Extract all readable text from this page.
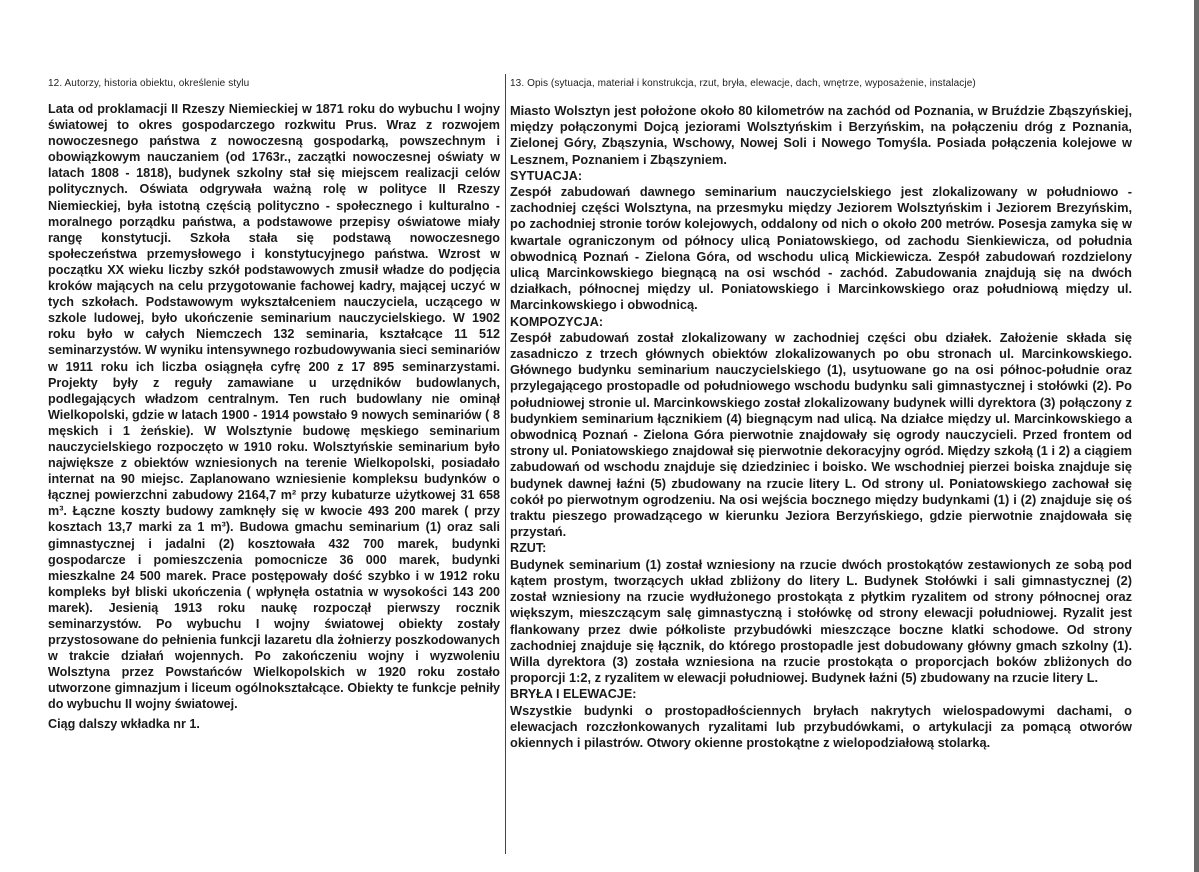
12. Autorzy, historia obiektu, określenie stylu

Lata od proklamacji II Rzeszy Niemieckiej w 1871 roku do wybuchu I wojny światowej to okres gospodarczego rozkwitu Prus. Wraz z rozwojem nowoczesnego państwa z nowoczesną gospodarką, powszechnym i obowiązkowym nauczaniem (od 1763r., zaczątki nowoczesnej oświaty w latach 1808 - 1818), budynek szkolny stał się miejscem realizacji celów politycznych. Oświata odgrywała ważną rolę w polityce II Rzeszy Niemieckiej, była istotną częścią polityczno - społecznego i kulturalno - moralnego porządku państwa, a podstawowe przepisy oświatowe miały rangę konstytucji. Szkoła stała się podstawą nowoczesnego społeczeństwa przemysłowego i konstytucyjnego państwa. Wzrost w początku XX wieku liczby szkół podstawowych zmusił władze do podjęcia kroków mających na celu przygotowanie fachowej kadry, mającej uczyć w tych szkołach. Podstawowym wykształceniem nauczyciela, uczącego w szkole ludowej, było ukończenie seminarium nauczycielskiego. W 1902 roku było w całych Niemczech 132 seminaria, kształcące 11 512 seminarzystów. W wyniku intensywnego rozbudowywania sieci seminariów w 1911 roku ich liczba osiągnęła cyfrę 200 z 17 895 seminarzystami. Projekty były z reguły zamawiane u urzędników budowlanych, podlegających władzom centralnym. Ten ruch budowlany nie ominął Wielkopolski, gdzie w latach 1900 - 1914 powstało 9 nowych seminariów ( 8 męskich i 1 żeńskie). W Wolsztynie budowę męskiego seminarium nauczycielskiego rozpoczęto w 1910 roku. Wolsztyńskie seminarium było największe z obiektów wzniesionych na terenie Wielkopolski, posiadało internat na 90 miejsc. Zaplanowano wzniesienie kompleksu budynków o łącznej powierzchni zabudowy 2164,7 m² przy kubaturze użytkowej 31 658 m³. Łączne koszty budowy zamknęły się w kwocie 493 200 marek ( przy kosztach 13,7 marki za 1 m³). Budowa gmachu seminarium (1) oraz sali gimnastycznej i jadalni (2) kosztowała 432 700 marek, budynki gospodarcze i pomieszczenia pomocnicze 36 000 marek, budynki mieszkalne 24 500 marek. Prace postępowały dość szybko i w 1912 roku kompleks był bliski ukończenia ( wpłynęła ostatnia w wysokości 143 200 marek). Jesienią 1913 roku naukę rozpoczął pierwszy rocznik seminarzystów. Po wybuchu I wojny światowej obiekty zostały przystosowane do pełnienia funkcji lazaretu dla żołnierzy poszkodowanych w trakcie działań wojennych. Po zakończeniu wojny i wyzwoleniu Wolsztyna przez Powstańców Wielkopolskich w 1920 roku zostało utworzone gimnazjum i liceum ogólnokształcące. Obiekty te funkcje pełniły do wybuchu II wojny światowej.

Ciąg dalszy wkładka nr 1.

13. Opis (sytuacja, materiał i konstrukcja, rzut, bryła, elewacje, dach, wnętrze, wyposażenie, instalacje)

Miasto Wolsztyn jest położone około 80 kilometrów na zachód od Poznania, w Bruździe Zbąszyńskiej, między połączonymi Dojcą jeziorami Wolsztyńskim i Berzyńskim, na połączeniu dróg z Poznania, Zielonej Góry, Zbąszynia, Wschowy, Nowej Soli i Nowego Tomyśla. Posiada połączenia kolejowe w Lesznem, Poznaniem i Zbąszyniem.

SYTUACJA:

Zespół zabudowań dawnego seminarium nauczycielskiego jest zlokalizowany w południowo - zachodniej części Wolsztyna, na przesmyku między Jeziorem Wolsztyńskim i Jeziorem Brezyńskim, po zachodniej stronie torów kolejowych, oddalony od nich o około 200 metrów. Posesja zamyka się w kwartale ograniczonym od północy ulicą Poniatowskiego, od zachodu Sienkiewicza, od południa obwodnicą Poznań - Zielona Góra, od wschodu ulicą Mickiewicza. Zespół zabudowań rozdzielony ulicą Marcinkowskiego biegnącą na osi wschód - zachód. Zabudowania znajdują się na dwóch działkach, północnej między ul. Poniatowskiego i Marcinkowskiego oraz południową między ul. Marcinkowskiego i obwodnicą.

KOMPOZYCJA:

Zespół zabudowań został zlokalizowany w zachodniej części obu działek. Założenie składa się zasadniczo z trzech głównych obiektów zlokalizowanych po obu stronach ul. Marcinkowskiego. Głównego budynku seminarium nauczycielskiego (1), usytuowane go na osi północ-południe oraz przylegającego prostopadle od południowego wschodu budynku sali gimnastycznej i stołówki (2). Po południowej stronie ul. Marcinkowskiego został zlokalizowany budynek willi dyrektora (3) połączony z budynkiem seminarium łącznikiem (4) biegnącym nad ulicą. Na działce między ul. Marcinkowskiego a obwodnicą Poznań - Zielona Góra pierwotnie znajdowały się ogrody nauczycieli. Przed frontem od strony ul. Poniatowskiego znajdował się pierwotnie dekoracyjny ogród. Między szkołą (1 i 2) a ciągiem zabudowań od wschodu znajduje się dziedziniec i boisko. We wschodniej pierzei boiska znajduje się budynek dawnej łaźni (5) zbudowany na rzucie litery L. Od strony ul. Poniatowskiego zachował się cokół po pierwotnym ogrodzeniu. Na osi wejścia bocznego między budynkami (1) i (2) znajduje się oś traktu pieszego prowadzącego w kierunku Jeziora Berzyńskiego, gdzie pierwotnie znajdowała się przystań.

RZUT:

Budynek seminarium (1) został wzniesiony na rzucie dwóch prostokątów zestawionych ze sobą pod kątem prostym, tworzących układ zbliżony do litery L. Budynek Stołówki i sali gimnastycznej (2) został wzniesiony na rzucie wydłużonego prostokąta z płytkim ryzalitem od strony północnej oraz większym, mieszczącym salę gimnastyczną i stołówkę od strony elewacji południowej. Ryzalit jest flankowany przez dwie półkoliste przybudówki mieszczące boczne klatki schodowe. Od strony zachodniej znajduje się łącznik, do którego prostopadle jest dobudowany główny gmach szkolny (1). Willa dyrektora (3) została wzniesiona na rzucie prostokąta o proporcjach boków zbliżonych do proporcji 1:2, z ryzalitem w elewacji południowej. Budynek łaźni (5) zbudowany na rzucie litery L.

BRYŁA I ELEWACJE:

Wszystkie budynki o prostopadłościennych bryłach nakrytych wielospadowymi dachami, o elewacjach rozczłonkowanych ryzalitami lub przybudówkami, o artykulacji za pomącą otworów okiennych i pilastrów. Otwory okienne prostokątne z wielopodziałową stolarką.
